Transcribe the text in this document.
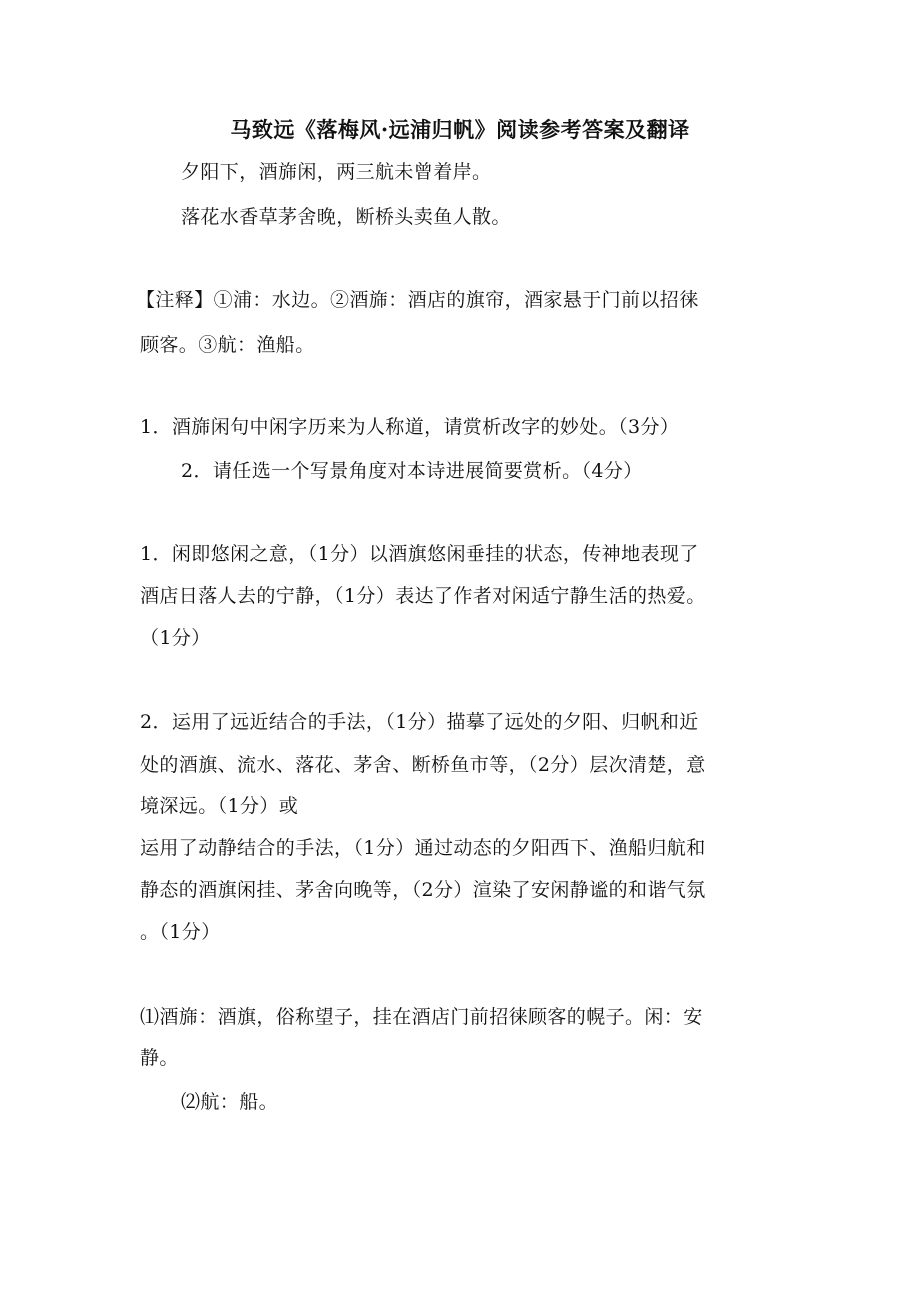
马致远《落梅风·远浦归帆》阅读参考答案及翻译
夕阳下，酒旆闲，两三航未曾着岸。
落花水香草茅舍晚，断桥头卖鱼人散。
【注释】①浦：水边。②酒旆：酒店的旗帘，酒家悬于门前以招徕
顾客。③航：渔船。
1．酒旆闲句中闲字历来为人称道，请赏析改字的妙处。（3分）
2．请任选一个写景角度对本诗进展简要赏析。（4分）
1．闲即悠闲之意，（1分）以酒旗悠闲垂挂的状态，传神地表现了
酒店日落人去的宁静，（1分）表达了作者对闲适宁静生活的热爱。
（1分）
2．运用了远近结合的手法，（1分）描摹了远处的夕阳、归帆和近
处的酒旗、流水、落花、茅舍、断桥鱼市等，（2分）层次清楚，意
境深远。（1分）或
运用了动静结合的手法，（1分）通过动态的夕阳西下、渔船归航和
静态的酒旗闲挂、茅舍向晚等，（2分）渲染了安闲静谧的和谐气氛
。（1分）
⑴酒旆：酒旗，俗称望子，挂在酒店门前招徕顾客的幌子。闲：安
静。
⑵航：船。
